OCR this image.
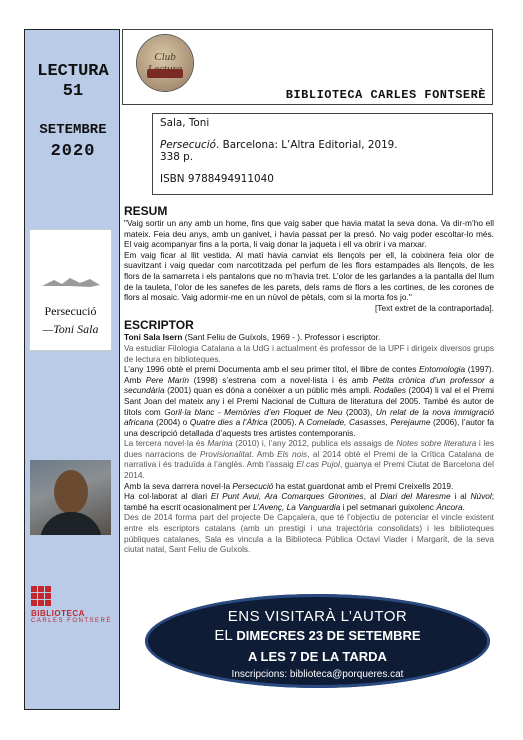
LECTURA
51
SETEMBRE
2020
Persecució
—Toni Sala
BIBLIOTECA
CARLES FONTSERÈ
Club
BIBLIOTECA CARLES FONTSERÈ

Sala, Toni

Persecució. Barcelona: L’Altra Editorial, 2019.

338 p.

ISBN 9788494911040

RESUM

"Vaig sortir un any amb un home, fins que vaig saber que havia matat la seva dona. Va dir-m’ho ell mateix. Feia deu anys, amb un ganivet, i havia passat per la presó. No vaig poder escoltar-lo més. El vaig acompanyar fins a la porta, li vaig donar la jaqueta i ell va obrir i va marxar.

Em vaig ficar al llit vestida. Al matí havia canviat els llençols per ell, la coixinera feia olor de suavitzant i vaig quedar com narcotitzada pel perfum de les flors estampades als llençols, de les flors de la samarreta i els pantalons que no m’havia tret. L’olor de les garlandes a la pantalla del llum de la tauleta, l’olor de les sanefes de les parets, dels rams de flors a les cortines, de les corones de flors al mosaic. Vaig adormir-me en un núvol de pètals, com si la morta fos jo."

[Text extret de la contraportada].

ESCRIPTOR

Toni Sala Isern (Sant Feliu de Guíxols, 1969 - ). Professor i escriptor.

Va estudiar Filologia Catalana a la UdG i actualment és professor de la UPF i dirigeix diversos grups de lectura en biblioteques.

L’any 1996 obtè el premi Documenta amb el seu primer títol, el llibre de contes Entomologia (1997). Amb Pere Marín (1998) s’estrena com a novel·lista i és amb Petita crònica d’un professor a secundària (2001) quan es dóna a conèixer a un públic més ampli. Rodalies (2004) li val el el Premi Sant Joan del mateix any i el Premi Nacional de Cultura de literatura del 2005. També és autor de títols com Goril·la blanc - Memòries d’en Floquet de Neu (2003), Un relat de la nova immigració africana (2004) o Quatre dies a l’Àfrica (2005). A Comelade, Casasses, Perejaume (2006), l’autor fa una descripció detallada d’aquests tres artistes contemporanis.

La tercera novel·la és Marina (2010) i, l’any 2012, publica els assaigs de Notes sobre literatura i les dues narracions de Provisionalitat. Amb Els nois, al 2014 obtè el Premi de la Crítica Catalana de narrativa i és traduïda a l’anglès. Amb l’assaig El cas Pujol, guanya el Premi Ciutat de Barcelona del 2014.

Amb la seva darrera novel·la Persecució ha estat guardonat amb el Premi Creixells 2019.

Ha col·laborat al diari El Punt Avui, Ara Comarques Gironines, al Diari del Maresme i al Núvol; també ha escrit ocasionalment per L’Avenç, La Vanguardia i pel setmanari guixolenc Àncora.

Des de 2014 forma part del projecte De Capçalera, que té l’objectiu de potenciar el vincle existent entre els escriptors catalans (amb un prestigi i una trajectòria consolidats) i les biblioteques públiques catalanes, Sala es vincula a la Biblioteca Pública Octavi Viader i Margarit, de la seva ciutat natal, Sant Feliu de Guíxols.

ENS VISITARÀ L’AUTOR
EL DIMECRES 23 DE SETEMBRE
A LES 7 DE LA TARDA
Inscripcions: biblioteca@porqueres.cat
